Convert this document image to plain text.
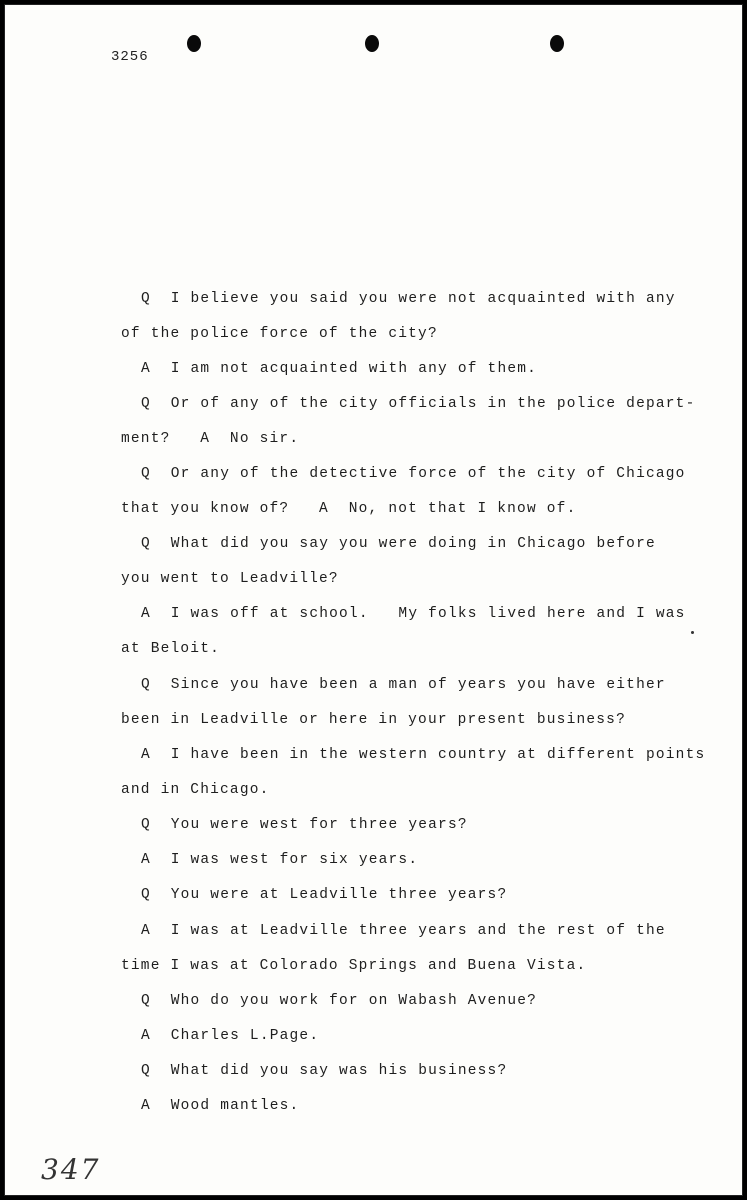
3256
Q  I believe you said you were not acquainted with any
of the police force of the city?
A  I am not acquainted with any of them.
Q  Or of any of the city officials in the police depart-
ment?   A  No sir.
Q  Or any of the detective force of the city of Chicago
that you know of?   A  No, not that I know of.
Q  What did you say you were doing in Chicago before
you went to Leadville?
A  I was off at school.   My folks lived here and I was
at Beloit.
Q  Since you have been a man of years you have either
been in Leadville or here in your present business?
A  I have been in the western country at different points
and in Chicago.
Q  You were west for three years?
A  I was west for six years.
Q  You were at Leadville three years?
A  I was at Leadville three years and the rest of the
time I was at Colorado Springs and Buena Vista.
Q  Who do you work for on Wabash Avenue?
A  Charles L.Page.
Q  What did you say was his business?
A  Wood mantles.
347
